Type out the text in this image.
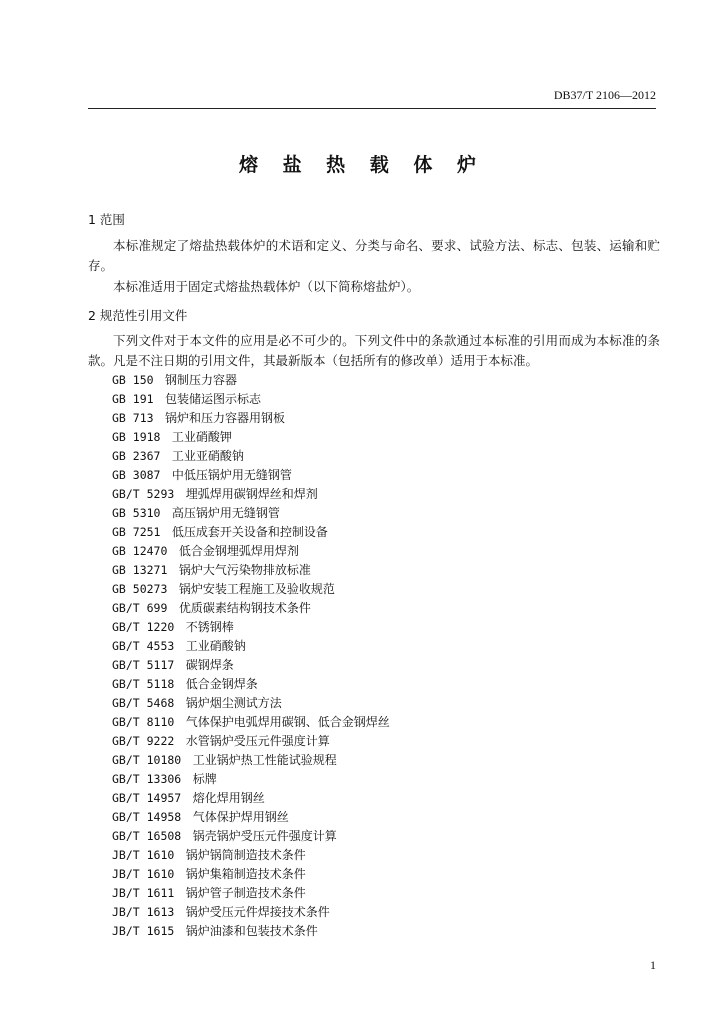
DB37/T 2106—2012
熔 盐 热 载 体 炉
1 范围
本标准规定了熔盐热载体炉的术语和定义、分类与命名、要求、试验方法、标志、包装、运输和贮存。
本标准适用于固定式熔盐热载体炉（以下简称熔盐炉）。
2 规范性引用文件
下列文件对于本文件的应用是必不可少的。下列文件中的条款通过本标准的引用而成为本标准的条款。凡是不注日期的引用文件，其最新版本（包括所有的修改单）适用于本标准。
GB 150 钢制压力容器
GB 191 包装储运图示标志
GB 713 锅炉和压力容器用钢板
GB 1918 工业硝酸钾
GB 2367 工业亚硝酸钠
GB 3087 中低压锅炉用无缝钢管
GB/T 5293 埋弧焊用碳钢焊丝和焊剂
GB 5310 高压锅炉用无缝钢管
GB 7251 低压成套开关设备和控制设备
GB 12470 低合金钢埋弧焊用焊剂
GB 13271 锅炉大气污染物排放标准
GB 50273 锅炉安装工程施工及验收规范
GB/T 699 优质碳素结构钢技术条件
GB/T 1220 不锈钢棒
GB/T 4553 工业硝酸钠
GB/T 5117 碳钢焊条
GB/T 5118 低合金钢焊条
GB/T 5468 锅炉烟尘测试方法
GB/T 8110 气体保护电弧焊用碳钢、低合金钢焊丝
GB/T 9222 水管锅炉受压元件强度计算
GB/T 10180 工业锅炉热工性能试验规程
GB/T 13306 标牌
GB/T 14957 熔化焊用钢丝
GB/T 14958 气体保护焊用钢丝
GB/T 16508 锅壳锅炉受压元件强度计算
JB/T 1610 锅炉锅筒制造技术条件
JB/T 1610 锅炉集箱制造技术条件
JB/T 1611 锅炉管子制造技术条件
JB/T 1613 锅炉受压元件焊接技术条件
JB/T 1615 锅炉油漆和包装技术条件
1
